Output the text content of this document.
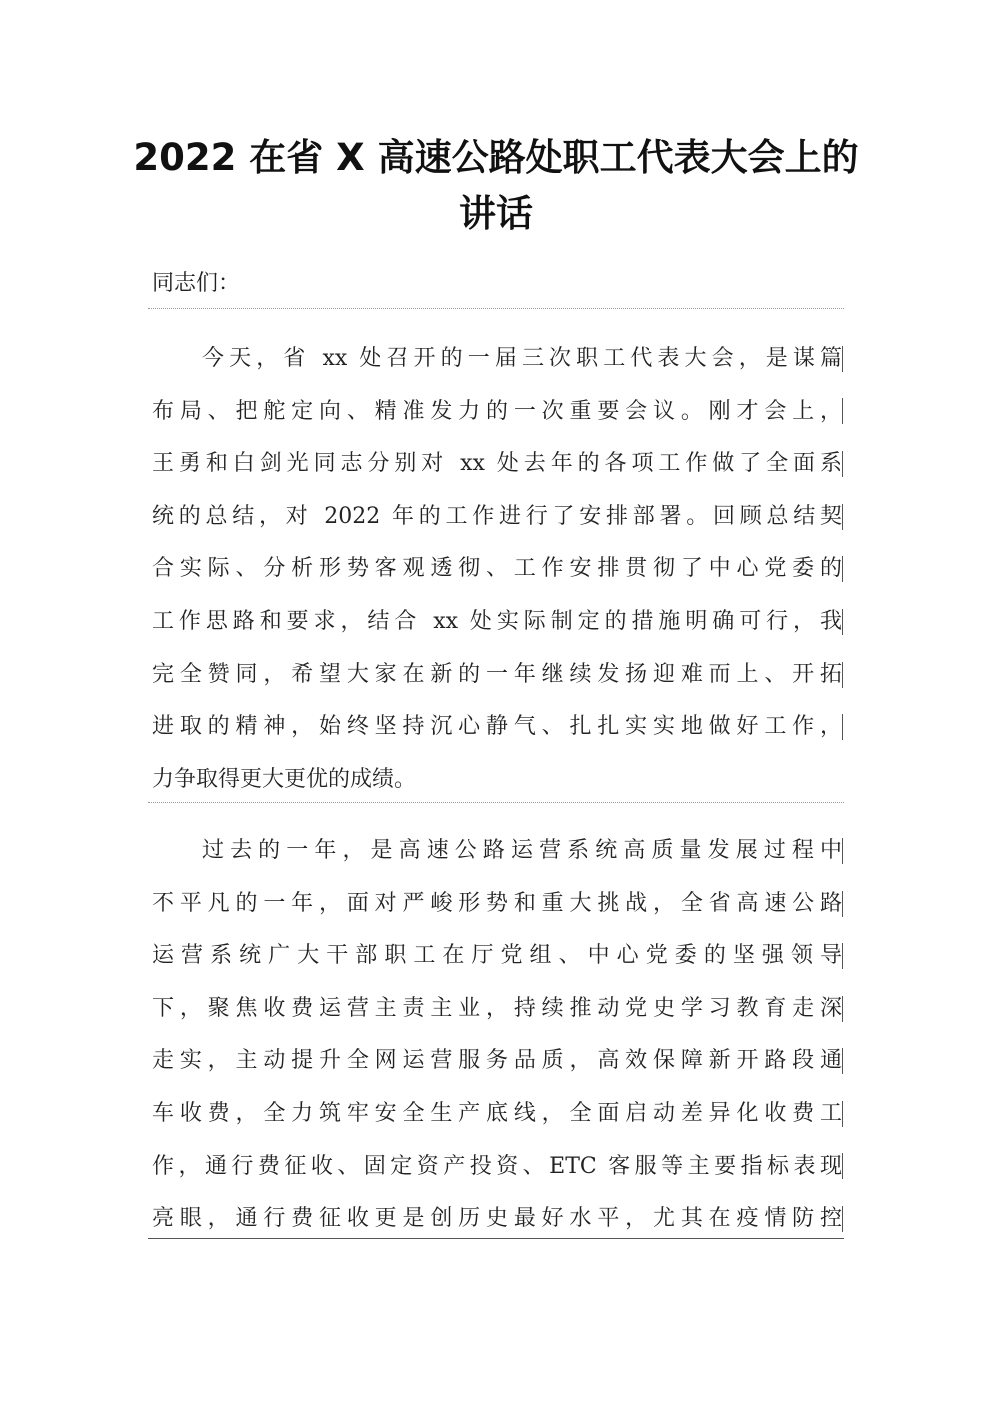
2022 在省 X 高速公路处职工代表大会上的
讲话
同志们：
今天，省 xx 处召开的一届三次职工代表大会，是谋篇
布局、把舵定向、精准发力的一次重要会议。刚才会上，
王勇和白剑光同志分别对 xx 处去年的各项工作做了全面系
统的总结，对 2022 年的工作进行了安排部署。回顾总结契
合实际、分析形势客观透彻、工作安排贯彻了中心党委的
工作思路和要求，结合 xx 处实际制定的措施明确可行，我
完全赞同，希望大家在新的一年继续发扬迎难而上、开拓
进取的精神，始终坚持沉心静气、扎扎实实地做好工作，
力争取得更大更优的成绩。
过去的一年，是高速公路运营系统高质量发展过程中
不平凡的一年，面对严峻形势和重大挑战，全省高速公路
运营系统广大干部职工在厅党组、中心党委的坚强领导
下，聚焦收费运营主责主业，持续推动党史学习教育走深
走实，主动提升全网运营服务品质，高效保障新开路段通
车收费，全力筑牢安全生产底线，全面启动差异化收费工
作，通行费征收、固定资产投资、ETC 客服等主要指标表现
亮眼，通行费征收更是创历史最好水平，尤其在疫情防控
